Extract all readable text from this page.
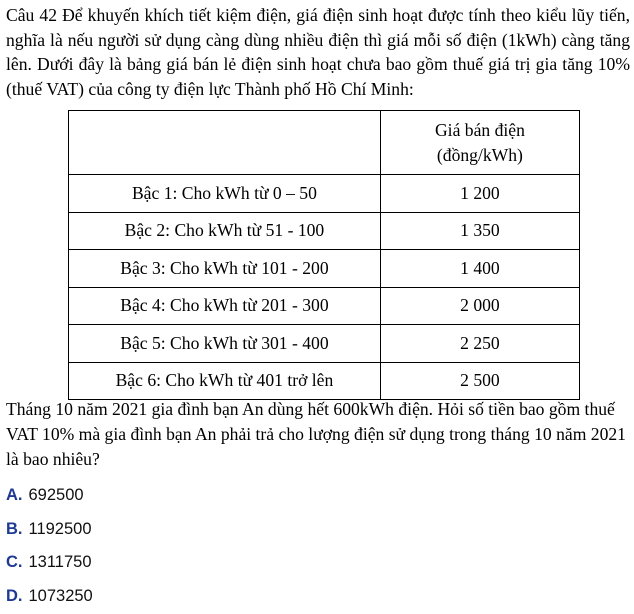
Câu 42 Để khuyến khích tiết kiệm điện, giá điện sinh hoạt được tính theo kiểu lũy tiến, nghĩa là nếu người sử dụng càng dùng nhiều điện thì giá mỗi số điện (1kWh) càng tăng lên. Dưới đây là bảng giá bán lẻ điện sinh hoạt chưa bao gồm thuế giá trị gia tăng 10% (thuế VAT) của công ty điện lực Thành phố Hồ Chí Minh:

	Giá bán điện
(đồng/kWh)
Bậc 1: Cho kWh từ 0 – 50	1 200
Bậc 2: Cho kWh từ 51 - 100	1 350
Bậc 3: Cho kWh từ 101 - 200	1 400
Bậc 4: Cho kWh từ 201 - 300	2 000
Bậc 5: Cho kWh từ 301 - 400	2 250
Bậc 6: Cho kWh từ 401 trở lên	2 500

Tháng 10 năm 2021 gia đình bạn An dùng hết 600kWh điện. Hỏi số tiền bao gồm thuế VAT 10% mà gia đình bạn An phải trả cho lượng điện sử dụng trong tháng 10 năm 2021 là bao nhiêu?

A. 692500
B. 1192500
C. 1311750
D. 1073250
